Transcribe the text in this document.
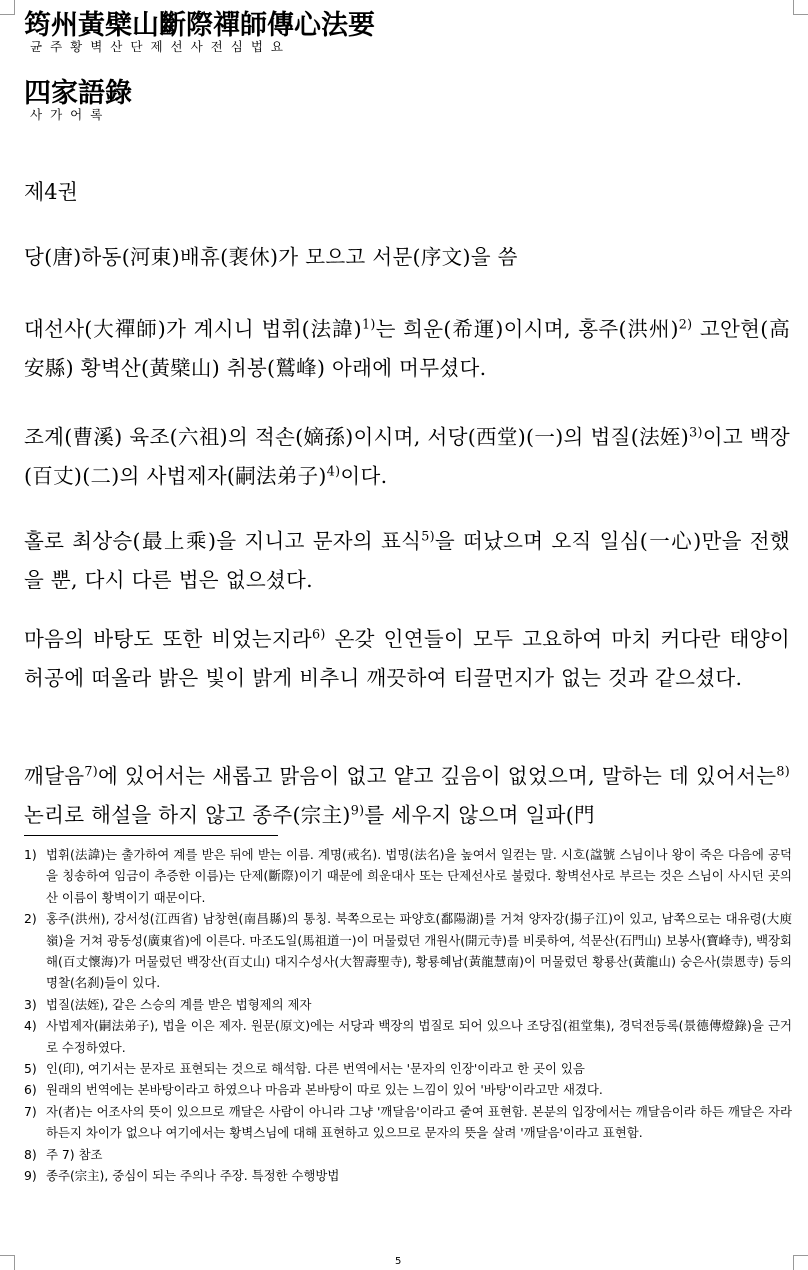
筠州黃檗山斷際禪師傳心法要
균주황벽산단제선사전심법요
四家語錄
사가어록
제4권
당(唐)하동(河東)배휴(裵休)가 모으고 서문(序文)을 씀
대선사(大禪師)가 계시니 법휘(法諱)$^{1)}$는 희운(希運)이시며, 홍주(洪州)$^{2)}$ 고안현(高安縣) 황벽산(黃檗山) 취봉(鷲峰) 아래에 머무셨다.
조계(曹溪) 육조(六祖)의 적손(嫡孫)이시며, 서당(西堂)(一)의 법질(法姪)$^{3)}$이고 백장(百丈)(二)의 사법제자(嗣法弟子)$^{4)}$이다.
홀로 최상승(最上乘)을 지니고 문자의 표식$^{5)}$을 떠났으며 오직 일심(一心)만을 전했을 뿐, 다시 다른 법은 없으셨다.
마음의 바탕도 또한 비었는지라$^{6)}$ 온갖 인연들이 모두 고요하여 마치 커다란 태양이 허공에 떠올라 밝은 빛이 밝게 비추니 깨끗하여 티끌먼지가 없는 것과 같으셨다.
깨달음$^{7)}$에 있어서는 새롭고 맑음이 없고 얕고 깊음이 없었으며, 말하는 데 있어서는$^{8)}$ 논리로 해설을 하지 않고 종주(宗主)$^{9)}$를 세우지 않으며 일파(門
1) 법휘(法諱)는 출가하여 계를 받은 뒤에 받는 이름. 계명(戒名). 법명(法名)을 높여서 일컫는 말. 시호(諡號 스님이나 왕이 죽은 다음에 공덕을 칭송하여 임금이 추증한 이름)는 단제(斷際)이기 때문에 희운대사 또는 단제선사로 불렀다. 황벽선사로 부르는 것은 스님이 사시던 곳의 산 이름이 황벽이기 때문이다.
2) 홍주(洪州), 강서성(江西省) 남창현(南昌縣)의 통칭. 북쪽으로는 파양호(鄱陽湖)를 거쳐 양자강(揚子江)이 있고, 남쪽으로는 대유령(大庾嶺)을 거쳐 광동성(廣東省)에 이른다. 마조도일(馬祖道一)이 머물렀던 개원사(開元寺)를 비롯하여, 석문산(石門山) 보봉사(寶峰寺), 백장회해(百丈懷海)가 머물렀던 백장산(百丈山) 대지수성사(大智壽聖寺), 황룡혜남(黃龍慧南)이 머물렀던 황룡산(黃龍山) 숭은사(崇恩寺) 등의 명찰(名刹)들이 있다.
3) 법질(法姪), 같은 스승의 계를 받은 법형제의 제자
4) 사법제자(嗣法弟子), 법을 이은 제자. 원문(原文)에는 서당과 백장의 법질로 되어 있으나 조당집(祖堂集), 경덕전등록(景德傳燈錄)을 근거로 수정하였다.
5) 인(印), 여기서는 문자로 표현되는 것으로 해석함. 다른 번역에서는 '문자의 인장'이라고 한 곳이 있음
6) 원래의 번역에는 본바탕이라고 하였으나 마음과 본바탕이 따로 있는 느낌이 있어 '바탕'이라고만 새겼다.
7) 자(者)는 어조사의 뜻이 있으므로 깨달은 사람이 아니라 그냥 '깨달음'이라고 줄여 표현함. 본분의 입장에서는 깨달음이라 하든 깨달은 자라 하든지 차이가 없으나 여기에서는 황벽스님에 대해 표현하고 있으므로 문자의 뜻을 살려 '깨달음'이라고 표현함.
8) 주 7) 참조
9) 종주(宗主), 중심이 되는 주의나 주장. 특정한 수행방법
5
